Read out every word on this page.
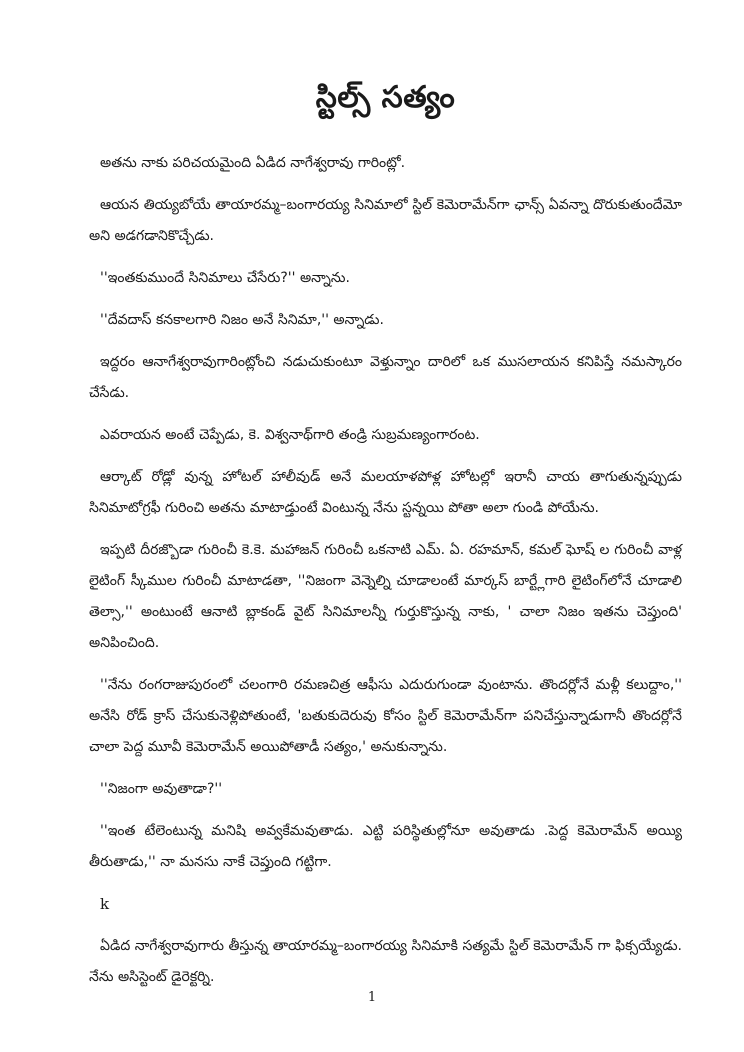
స్టిల్స్ సత్యం

అతను నాకు పరిచయమైంది ఏడిద నాగేశ్వరావు గారింట్లో.

ఆయన తియ్యబోయే తాయారమ్మ–బంగారయ్య సినిమాలో స్టిల్ కెమెరామేన్‌గా ఛాన్స్ ఏవన్నా దొరుకుతుందేమో అని అడగడానికొచ్చేడు.

''ఇంతకుముందే సినిమాలు చేసేరు?'' అన్నాను.

''దేవదాస్ కనకాలగారి నిజం అనే సినిమా,'' అన్నాడు.

ఇద్దరం ఆనాగేశ్వరావుగారింట్లోంచి నడుచుకుంటూ వెళ్తున్నాం దారిలో ఒక ముసలాయన కనిపిస్తే నమస్కారం చేసేడు.

ఎవరాయన అంటే చెప్పేడు, కె. విశ్వనాథ్‌గారి తండ్రి సుబ్రమణ్యంగారంట.

ఆర్కాట్ రోడ్లో వున్న హోటల్ హాలీవుడ్ అనే మలయాళపోళ్ల హోటల్లో ఇరానీ చాయ తాగుతున్నప్పుడు సినిమాటోగ్రఫీ గురించి అతను మాటాడ్తుంటే వింటున్న నేను స్టన్నయి పోతా అలా గుండి పోయేను.

ఇప్పటి దీరజ్బొడా గురించీ కె.కె. మహాజన్ గురించీ ఒకనాటి ఎమ్. ఏ. రహమాన్, కమల్ ఘోష్ ల గురించీ వాళ్ల లైటింగ్ స్కీముల గురించీ మాటాడతా, ''నిజంగా వెన్నెల్ని చూడాలంటే మార్కస్ బార్ట్లేగారి లైటింగ్‌లోనే చూడాలి తెల్సా,'' అంటుంటే ఆనాటి బ్లాకండ్ వైట్ సినిమాలన్నీ గుర్తుకొస్తున్న నాకు, ' చాలా నిజం ఇతను చెప్తుంది' అనిపించింది.

''నేను రంగరాజుపురంలో చలంగారి రమణచిత్ర ఆఫీసు ఎదురుగుండా వుంటాను. తొందర్లోనే మళ్లీ కలుద్దాం,'' అనేసి రోడ్ క్రాస్ చేసుకునెళ్లిపోతుంటే, 'బతుకుదెరువు కోసం స్టిల్ కెమెరామేన్‌గా పనిచేస్తున్నాడుగానీ తొందర్లోనే చాలా పెద్ద మూవీ కెమెరామేన్ అయిపోతాడీ సత్యం,' అనుకున్నాను.

''నిజంగా అవుతాడా?''

''ఇంత టేలెంటున్న మనిషి అవ్వకేమవుతాడు. ఎట్టి పరిస్థితుల్లోనూ అవుతాడు .పెద్ద కెమెరామేన్ అయ్యి తీరుతాడు,'' నా మనసు నాకే చెప్తుంది గట్టిగా.

k

ఏడిద నాగేశ్వరావుగారు తీస్తున్న తాయారమ్మ–బంగారయ్య సినిమాకి సత్యమే స్టిల్ కెమెరామేన్ గా ఫిక్సయ్యేడు. నేను అసిస్టెంట్ డైరెక్టర్ని.

1
